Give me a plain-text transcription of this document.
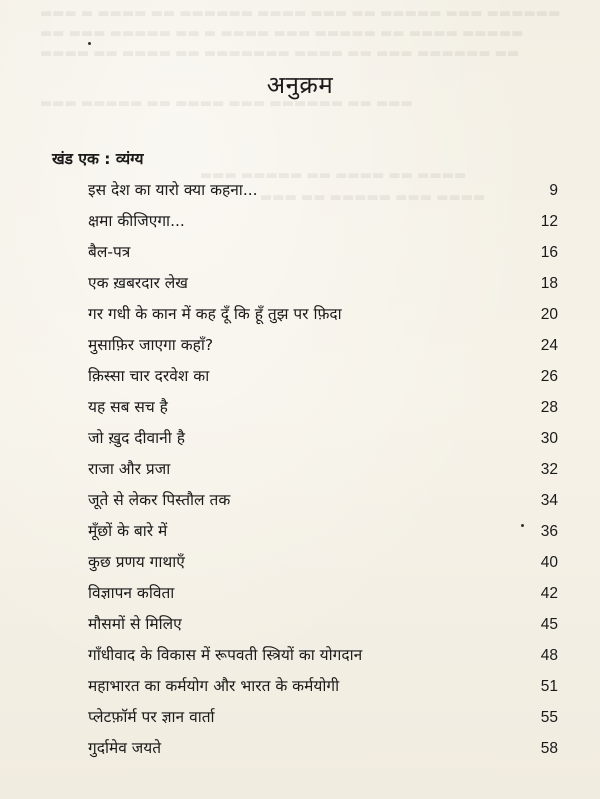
▬▬▬ ▬ ▬▬▬▬ ▬▬ ▬▬▬▬▬▬ ▬▬▬▬ ▬▬▬ ▬▬ ▬▬▬▬▬ ▬▬▬ ▬▬▬▬▬▬
▬▬ ▬▬▬ ▬▬▬▬▬ ▬▬ ▬ ▬▬▬▬ ▬▬▬ ▬▬▬▬▬ ▬▬ ▬▬▬▬ ▬▬▬▬▬
▬▬▬▬ ▬▬ ▬▬▬▬ ▬▬ ▬▬▬▬▬▬▬ ▬▬▬▬ ▬▬ ▬▬▬ ▬▬▬▬▬▬ ▬▬
▬▬▬ ▬▬▬▬▬ ▬▬ ▬▬▬▬ ▬▬▬ ▬▬▬▬▬▬ ▬▬ ▬▬▬
▬▬▬ ▬▬▬▬▬ ▬▬ ▬▬▬▬ ▬▬ ▬▬▬▬
▬▬▬ ▬▬ ▬▬▬▬▬ ▬▬▬ ▬▬▬▬
अनुक्रम
खंड एक : व्यंग्य
इस देश का यारो क्या कहना...	9
क्षमा कीजिएगा...	12
बैल-पत्र	16
एक ख़बरदार लेख	18
गर गधी के कान में कह दूँ कि हूँ तुझ पर फ़िदा	20
मुसाफ़िर जाएगा कहाँ?	24
क़िस्सा चार दरवेश का	26
यह सब सच है	28
जो ख़ुद दीवानी है	30
राजा और प्रजा	32
जूते से लेकर पिस्तौल तक	34
मूँछों के बारे में	36
कुछ प्रणय गाथाएँ	40
विज्ञापन कविता	42
मौसमों से मिलिए	45
गाँधीवाद के विकास में रूपवती स्त्रियों का योगदान	48
महाभारत का कर्मयोग और भारत के कर्मयोगी	51
प्लेटफ़ॉर्म पर ज्ञान वार्ता	55
गुर्दामेव जयते	58
